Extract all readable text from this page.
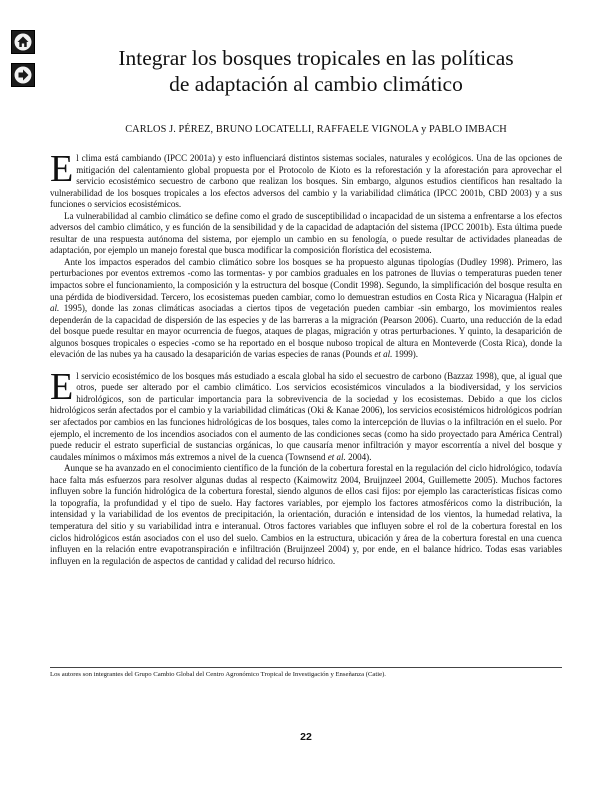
Integrar los bosques tropicales en las políticas
de adaptación al cambio climático

CARLOS J. PÉREZ, BRUNO LOCATELLI, RAFFAELE VIGNOLA y PABLO IMBACH

El clima está cambiando (IPCC 2001a) y esto influenciará distintos sistemas sociales, naturales y ecológicos. Una de las opciones de mitigación del calentamiento global propuesta por el Protocolo de Kioto es la reforestación y la aforestación para aprovechar el servicio ecosistémico secuestro de carbono que realizan los bosques. Sin embargo, algunos estudios científicos han resaltado la vulnerabilidad de los bosques tropicales a los efectos adversos del cambio y la variabilidad climática (IPCC 2001b, CBD 2003) y a sus funciones o servicios ecosistémicos.

La vulnerabilidad al cambio climático se define como el grado de susceptibilidad o incapacidad de un sistema a enfrentarse a los efectos adversos del cambio climático, y es función de la sensibilidad y de la capacidad de adaptación del sistema (IPCC 2001b). Esta última puede resultar de una respuesta autónoma del sistema, por ejemplo un cambio en su fenología, o puede resultar de actividades planeadas de adaptación, por ejemplo un manejo forestal que busca modificar la composición florística del ecosistema.

Ante los impactos esperados del cambio climático sobre los bosques se ha propuesto algunas tipologías (Dudley 1998). Primero, las perturbaciones por eventos extremos -como las tormentas- y por cambios graduales en los patrones de lluvias o temperaturas pueden tener impactos sobre el funcionamiento, la composición y la estructura del bosque (Condit 1998). Segundo, la simplificación del bosque resulta en una pérdida de biodiversidad. Tercero, los ecosistemas pueden cambiar, como lo demuestran estudios en Costa Rica y Nicaragua (Halpin et al. 1995), donde las zonas climáticas asociadas a ciertos tipos de vegetación pueden cambiar -sin embargo, los movimientos reales dependerán de la capacidad de dispersión de las especies y de las barreras a la migración (Pearson 2006). Cuarto, una reducción de la edad del bosque puede resultar en mayor ocurrencia de fuegos, ataques de plagas, migración y otras perturbaciones. Y quinto, la desaparición de algunos bosques tropicales o especies -como se ha reportado en el bosque nuboso tropical de altura en Monteverde (Costa Rica), donde la elevación de las nubes ya ha causado la desaparición de varias especies de ranas (Pounds et al. 1999).

El servicio ecosistémico de los bosques más estudiado a escala global ha sido el secuestro de carbono (Bazzaz 1998), que, al igual que otros, puede ser alterado por el cambio climático. Los servicios ecosistémicos vinculados a la biodiversidad, y los servicios hidrológicos, son de particular importancia para la sobrevivencia de la sociedad y los ecosistemas. Debido a que los ciclos hidrológicos serán afectados por el cambio y la variabilidad climáticas (Oki & Kanae 2006), los servicios ecosistémicos hidrológicos podrían ser afectados por cambios en las funciones hidrológicas de los bosques, tales como la intercepción de lluvias o la infiltración en el suelo. Por ejemplo, el incremento de los incendios asociados con el aumento de las condiciones secas (como ha sido proyectado para América Central) puede reducir el estrato superficial de sustancias orgánicas, lo que causaría menor infiltración y mayor escorrentía a nivel del bosque y caudales mínimos o máximos más extremos a nivel de la cuenca (Townsend et al. 2004).

Aunque se ha avanzado en el conocimiento científico de la función de la cobertura forestal en la regulación del ciclo hidrológico, todavía hace falta más esfuerzos para resolver algunas dudas al respecto (Kaimowitz 2004, Bruijnzeel 2004, Guillemette 2005). Muchos factores influyen sobre la función hidrológica de la cobertura forestal, siendo algunos de ellos casi fijos: por ejemplo las características físicas como la topografía, la profundidad y el tipo de suelo. Hay factores variables, por ejemplo los factores atmosféricos como la distribución, la intensidad y la variabilidad de los eventos de precipitación, la orientación, duración e intensidad de los vientos, la humedad relativa, la temperatura del sitio y su variabilidad intra e interanual. Otros factores variables que influyen sobre el rol de la cobertura forestal en los ciclos hidrológicos están asociados con el uso del suelo. Cambios en la estructura, ubicación y área de la cobertura forestal en una cuenca influyen en la relación entre evapotranspiración e infiltración (Bruijnzeel 2004) y, por ende, en el balance hídrico. Todas esas variables influyen en la regulación de aspectos de cantidad y calidad del recurso hídrico.

Los autores son integrantes del Grupo Cambio Global del Centro Agronómico Tropical de Investigación y Enseñanza (Catie).

22
